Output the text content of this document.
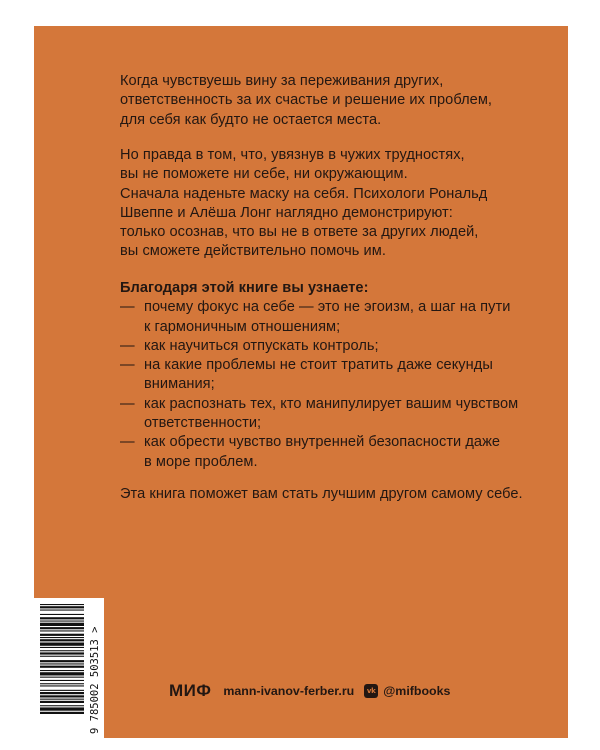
Когда чувствуешь вину за переживания других,
ответственность за их счастье и решение их проблем,
для себя как будто не остается места.
Но правда в том, что, увязнув в чужих трудностях,
вы не поможете ни себе, ни окружающим.
Сначала наденьте маску на себя. Психологи Рональд
Швеппе и Алёша Лонг наглядно демонстрируют:
только осознав, что вы не в ответе за других людей,
вы сможете действительно помочь им.
Благодаря этой книге вы узнаете:
— почему фокус на себе — это не эгоизм, а шаг на пути
к гармоничным отношениям;
— как научиться отпускать контроль;
— на какие проблемы не стоит тратить даже секунды
внимания;
— как распознать тех, кто манипулирует вашим чувством
ответственности;
— как обрести чувство внутренней безопасности даже
в море проблем.
Эта книга поможет вам стать лучшим другом самому себе.
9 785002 503513 >	МИФ mann-ivanov-ferber.ru vk @mifbooks
